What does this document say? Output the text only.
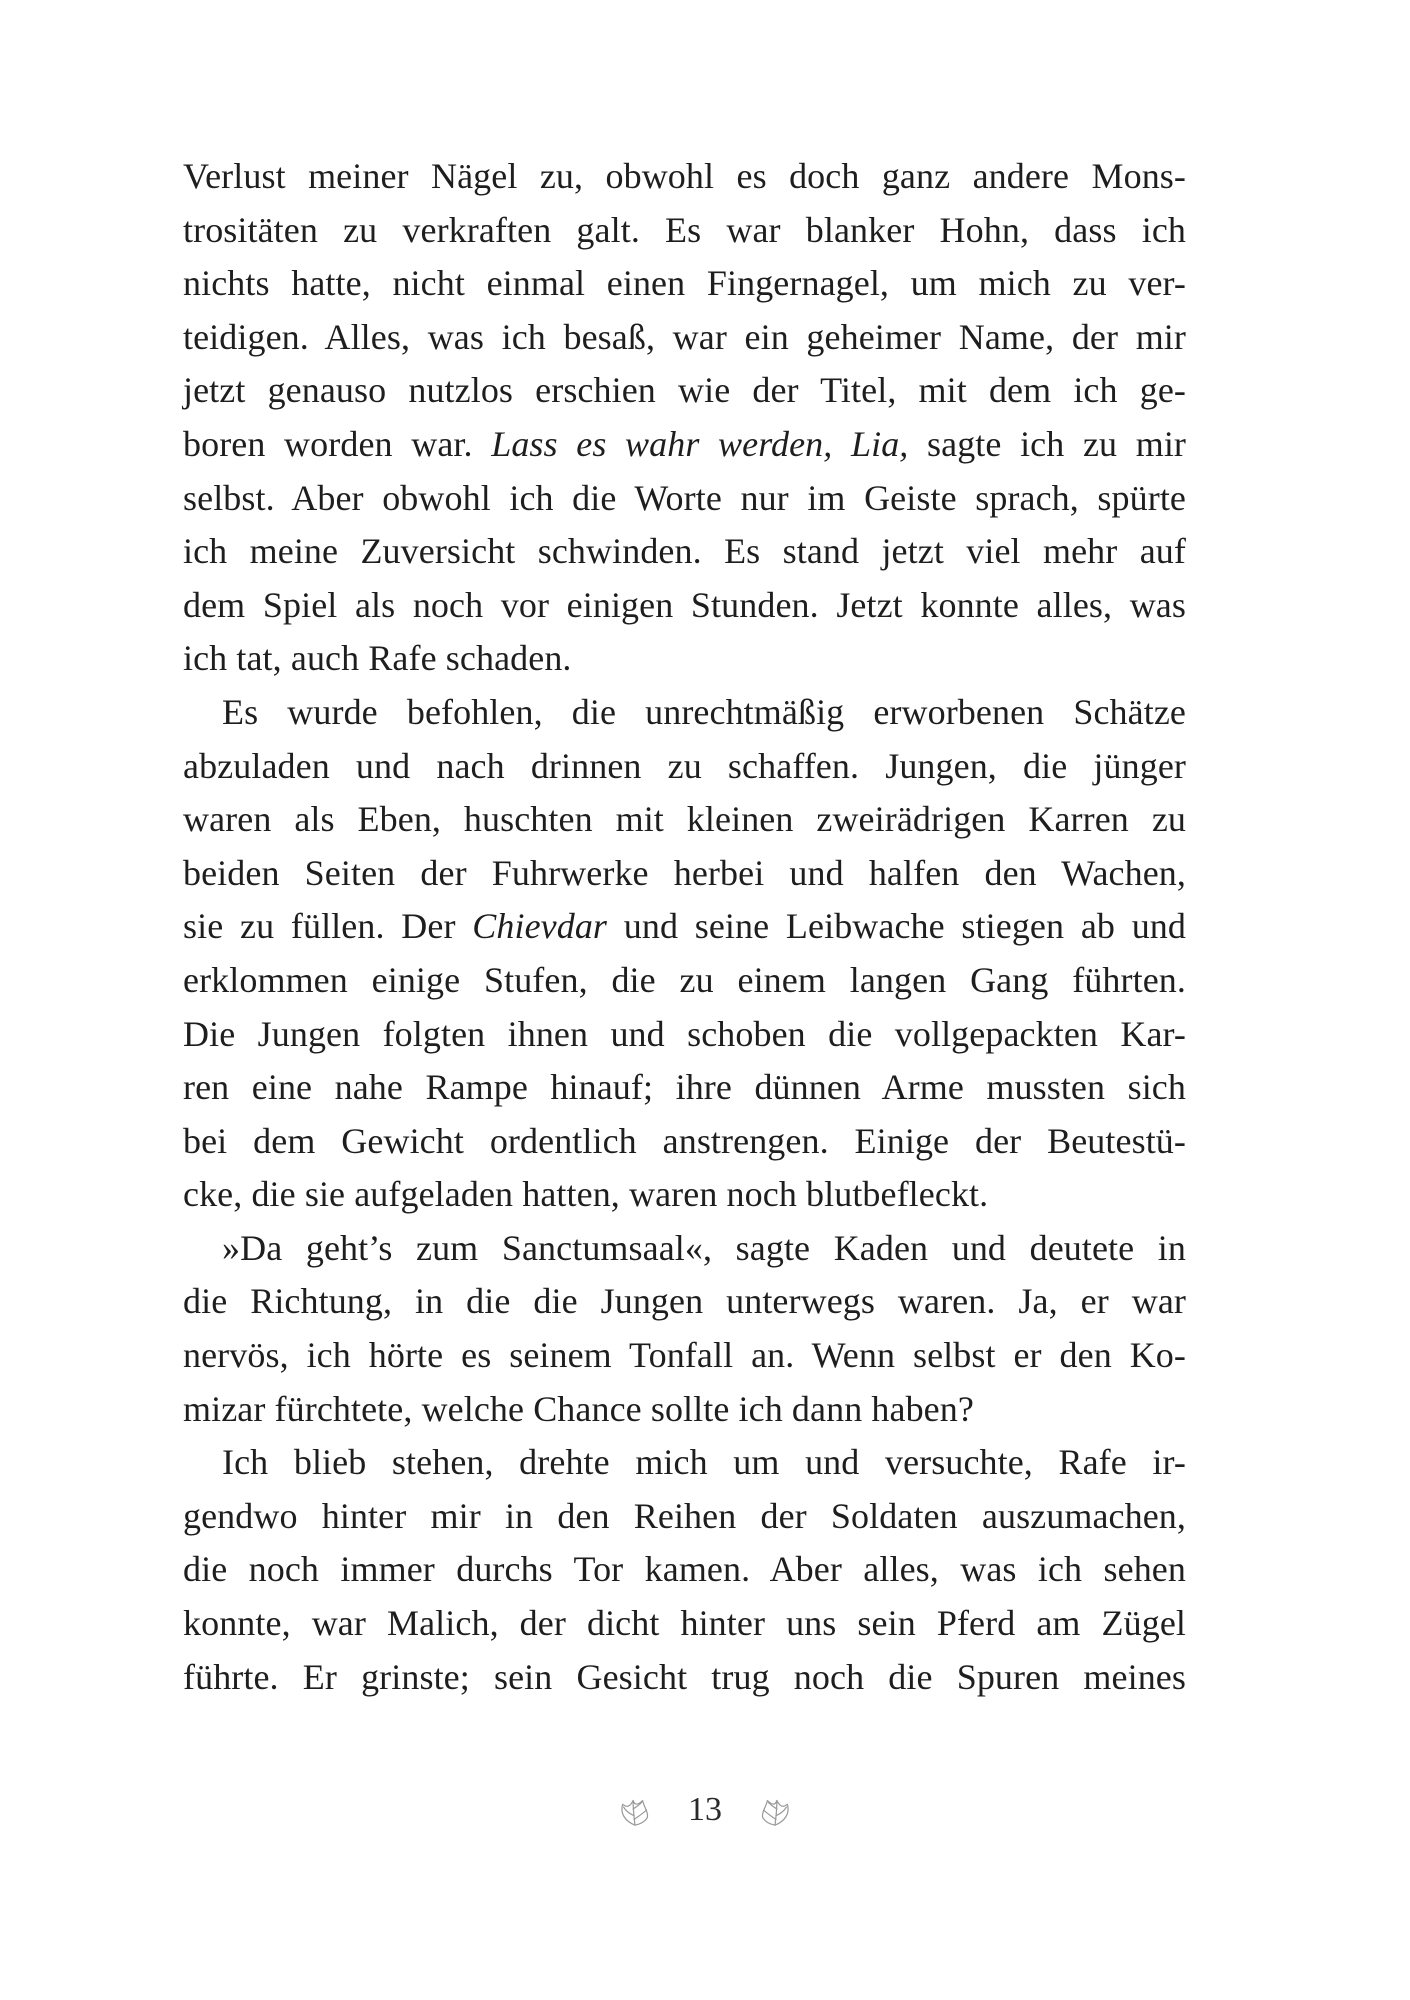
Verlust meiner Nägel zu, obwohl es doch ganz andere Mons-
trositäten zu verkraften galt. Es war blanker Hohn, dass ich
nichts hatte, nicht einmal einen Fingernagel, um mich zu ver-
teidigen. Alles, was ich besaß, war ein geheimer Name, der mir
jetzt genauso nutzlos erschien wie der Titel, mit dem ich ge-
boren worden war. Lass es wahr werden, Lia, sagte ich zu mir
selbst. Aber obwohl ich die Worte nur im Geiste sprach, spürte
ich meine Zuversicht schwinden. Es stand jetzt viel mehr auf
dem Spiel als noch vor einigen Stunden. Jetzt konnte alles, was
ich tat, auch Rafe schaden.
Es wurde befohlen, die unrechtmäßig erworbenen Schätze
abzuladen und nach drinnen zu schaffen. Jungen, die jünger
waren als Eben, huschten mit kleinen zweirädrigen Karren zu
beiden Seiten der Fuhrwerke herbei und halfen den Wachen,
sie zu füllen. Der Chievdar und seine Leibwache stiegen ab und
erklommen einige Stufen, die zu einem langen Gang führten.
Die Jungen folgten ihnen und schoben die vollgepackten Kar-
ren eine nahe Rampe hinauf; ihre dünnen Arme mussten sich
bei dem Gewicht ordentlich anstrengen. Einige der Beutestü-
cke, die sie aufgeladen hatten, waren noch blutbefleckt.
»Da geht’s zum Sanctumsaal«, sagte Kaden und deutete in
die Richtung, in die die Jungen unterwegs waren. Ja, er war
nervös, ich hörte es seinem Tonfall an. Wenn selbst er den Ko-
mizar fürchtete, welche Chance sollte ich dann haben?
Ich blieb stehen, drehte mich um und versuchte, Rafe ir-
gendwo hinter mir in den Reihen der Soldaten auszumachen,
die noch immer durchs Tor kamen. Aber alles, was ich sehen
konnte, war Malich, der dicht hinter uns sein Pferd am Zügel
führte. Er grinste; sein Gesicht trug noch die Spuren meines
13
